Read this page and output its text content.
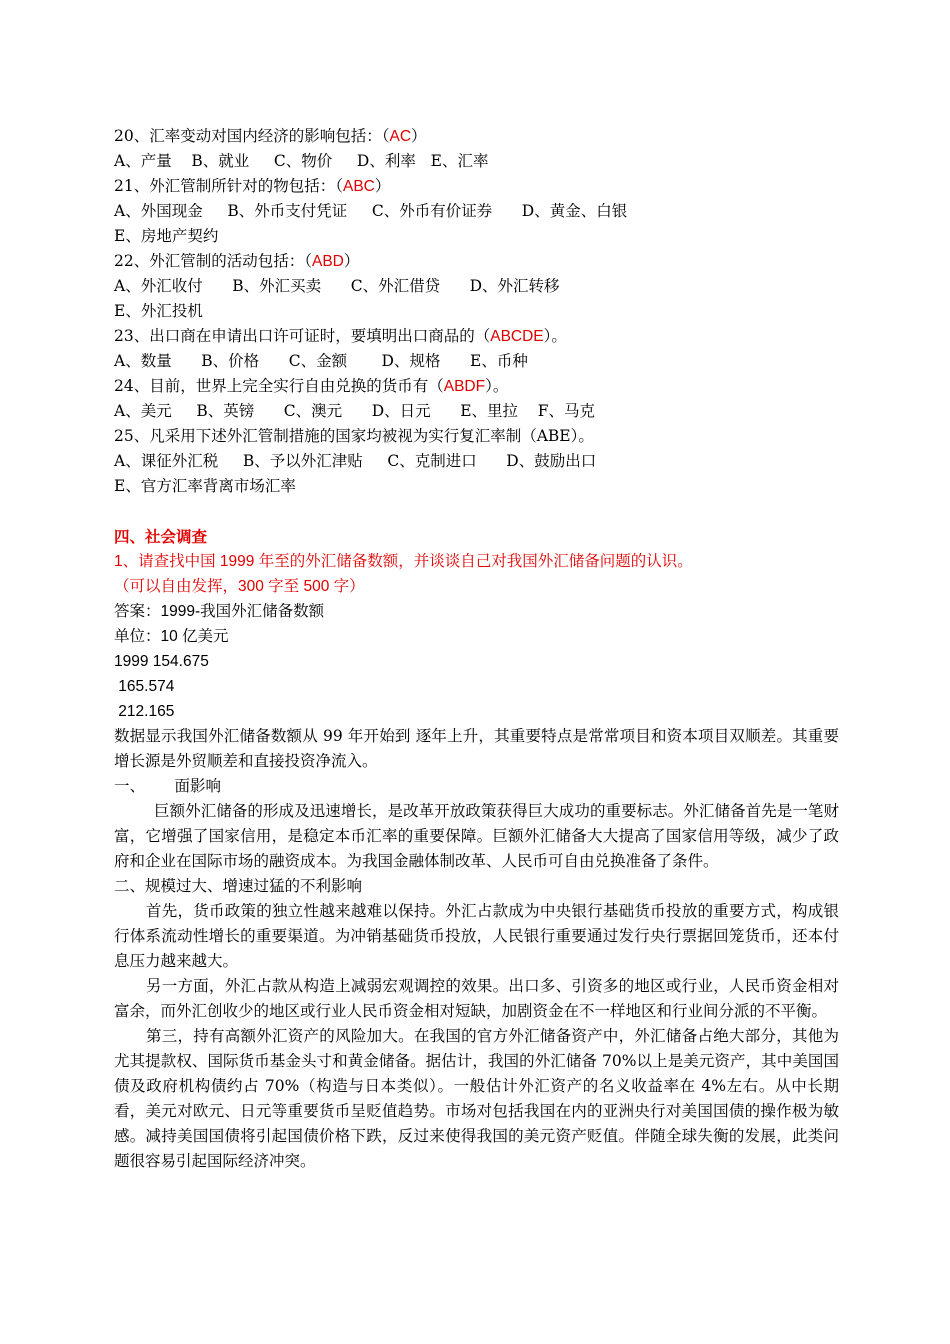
20、汇率变动对国内经济的影响包括：（AC）
A、产量    B、就业     C、物价     D、利率   E、汇率
21、外汇管制所针对的物包括：（ABC）
A、外国现金     B、外币支付凭证     C、外币有价证券      D、黄金、白银
E、房地产契约
22、外汇管制的活动包括：（ABD）
A、外汇收付      B、外汇买卖      C、外汇借贷      D、外汇转移
E、外汇投机
23、出口商在申请出口许可证时，要填明出口商品的（ABCDE）。
A、数量      B、价格      C、金额       D、规格      E、币种
24、目前，世界上完全实行自由兑换的货币有（ABDF）。
A、美元     B、英镑      C、澳元      D、日元      E、里拉    F、马克
25、凡采用下述外汇管制措施的国家均被视为实行复汇率制（ABE）。
A、课征外汇税     B、予以外汇津贴     C、克制进口      D、鼓励出口
E、官方汇率背离市场汇率
四、社会调查
1、请查找中国 1999 年至的外汇储备数额，并谈谈自己对我国外汇储备问题的认识。
（可以自由发挥，300 字至 500 字）
答案：1999-我国外汇储备数额
单位：10 亿美元
1999 154.675
165.574
212.165
数据显示我国外汇储备数额从 99 年开始到 逐年上升，其重要特点是常常项目和资本项目双顺差。其重要增长源是外贸顺差和直接投资净流入。
一、      面影响
巨额外汇储备的形成及迅速增长，是改革开放政策获得巨大成功的重要标志。外汇储备首先是一笔财富，它增强了国家信用，是稳定本币汇率的重要保障。巨额外汇储备大大提高了国家信用等级，减少了政府和企业在国际市场的融资成本。为我国金融体制改革、人民币可自由兑换准备了条件。
二、规模过大、增速过猛的不利影响
首先，货币政策的独立性越来越难以保持。外汇占款成为中央银行基础货币投放的重要方式，构成银行体系流动性增长的重要渠道。为冲销基础货币投放，人民银行重要通过发行央行票据回笼货币，还本付息压力越来越大。
另一方面，外汇占款从构造上减弱宏观调控的效果。出口多、引资多的地区或行业，人民币资金相对富余，而外汇创收少的地区或行业人民币资金相对短缺，加剧资金在不一样地区和行业间分派的不平衡。
第三，持有高额外汇资产的风险加大。在我国的官方外汇储备资产中，外汇储备占绝大部分，其他为尤其提款权、国际货币基金头寸和黄金储备。据估计，我国的外汇储备 70%以上是美元资产，其中美国国债及政府机构债约占 70%（构造与日本类似）。一般估计外汇资产的名义收益率在 4%左右。从中长期看，美元对欧元、日元等重要货币呈贬值趋势。市场对包括我国在内的亚洲央行对美国国债的操作极为敏感。减持美国国债将引起国债价格下跌，反过来使得我国的美元资产贬值。伴随全球失衡的发展，此类问题很容易引起国际经济冲突。
